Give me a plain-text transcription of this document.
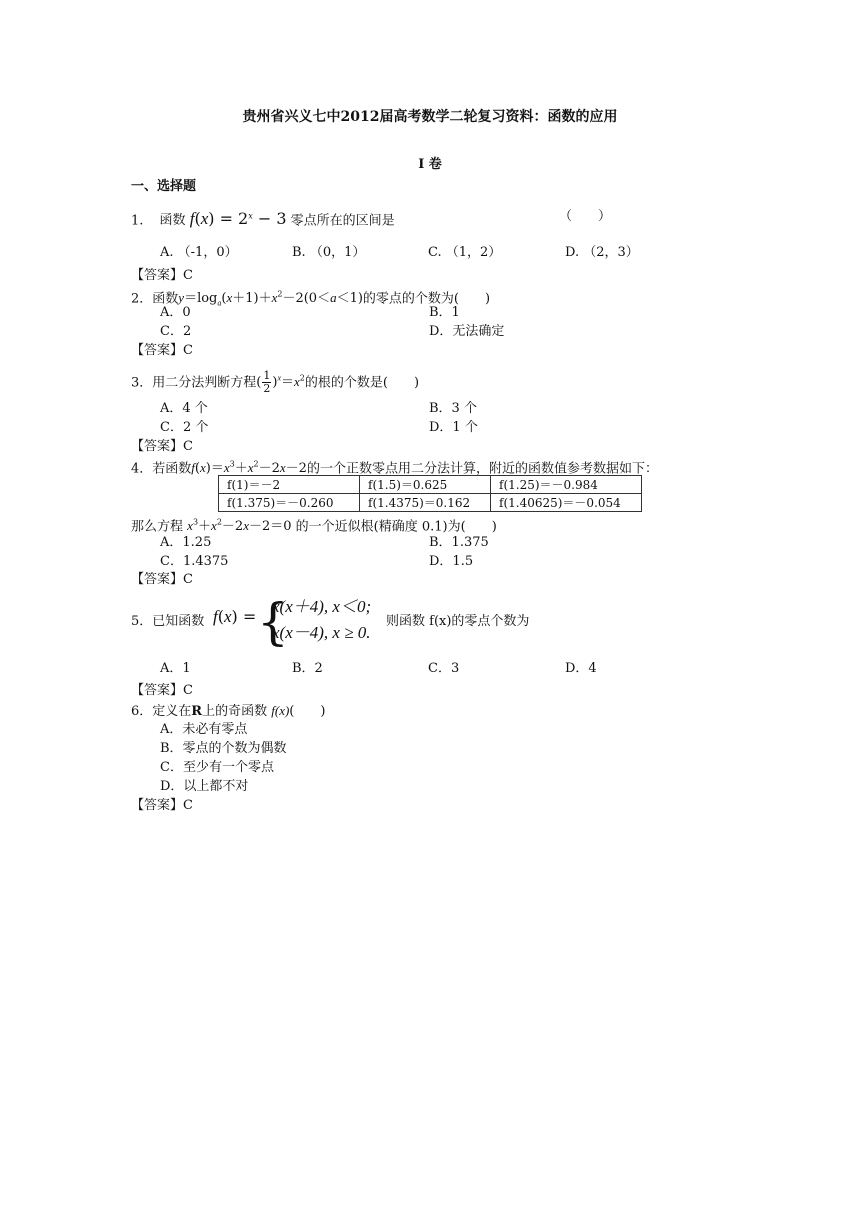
贵州省兴义七中2012届高考数学二轮复习资料：函数的应用
I 卷
一、选择题
1. 函数 $f(x) = 2^x - 3$ 零点所在的区间是	（　　）
A. （-1，0）	B. （0，1）	C. （1，2）	D. （2，3）
【答案】C
2．函数$y=\log_a(x+1)+x^2-2(0<a<1)$的零点的个数为(　　)
A．0	B．1
C．2	D．无法确定
【答案】C
3．用二分法判断方程( $\frac{1}{2} )^x=x^2$的根的个数是(　　)
A．4 个	B．3 个
C．2 个	D．1 个
【答案】C
4．若函数$f(x)=x^3+x^2-2x-2$的一个正数零点用二分法计算，附近的函数值参考数据如下：
f(1)＝－2	f(1.5)＝0.625	f(1.25)＝－0.984
f(1.375)＝－0.260	f(1.4375)＝0.162	f(1.40625)＝－0.054
那么方程 $x^3+x^2-2x-2=0$ 的一个近似根(精确度 0.1)为(　　)
A．1.25	B．1.375
C．1.4375	D．1.5
【答案】C
5．已知函数 f(x) = {
x(x＋4), x＜0;
x(x－4), x ≥ 0.
则函数 f(x)的零点个数为
A．1	B．2	C．3	D．4
【答案】C
6．定义在R上的奇函数 f(x)(　　)
A．未必有零点
B．零点的个数为偶数
C．至少有一个零点
D．以上都不对
【答案】C
